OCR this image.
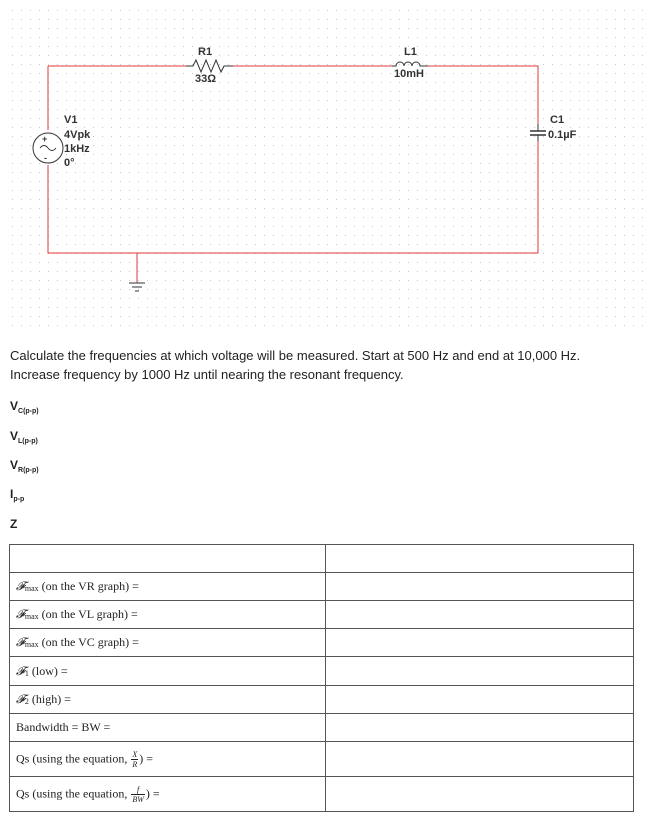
+
-
V1
4Vpk
1kHz
0°
R1
33Ω
L1
10mH
C1
0.1µF
Calculate the frequencies at which voltage will be measured. Start at 500 Hz and end at 10,000 Hz.
Increase frequency by 1000 Hz until nearing the resonant frequency.
$V_{C(p-p)}$
$V_{L(p-p)}$
$V_{R(p-p)}$
$I_{p-p}$
Z

𝓕max (on the VR graph) =	
𝓕max (on the VL graph) =	
𝓕max (on the VC graph) =	
𝓕1 (low) =	
𝓕2 (high) =	
Bandwidth = BW =	
Qs (using the equation, $\frac{X}{R}$ ) =	
Qs (using the equation, $\frac{f}{BW}$ ) =	
